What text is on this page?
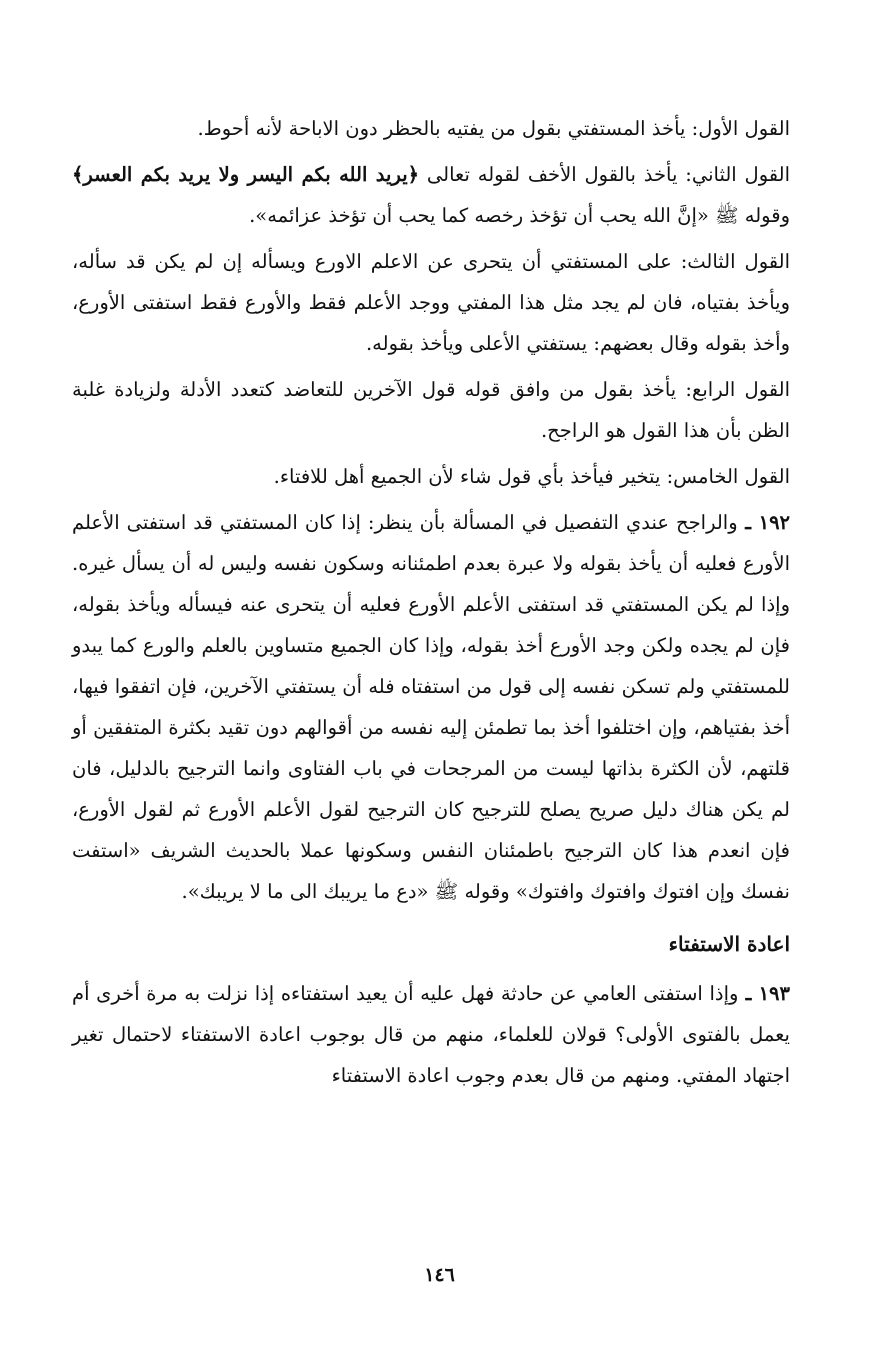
القول الأول: يأخذ المستفتي بقول من يفتيه بالحظر دون الاباحة لأنه أحوط.

القول الثاني: يأخذ بالقول الأخف لقوله تعالى ﴿يريد الله بكم اليسر ولا يريد بكم العسر﴾ وقوله ﷺ «إنَّ الله يحب أن تؤخذ رخصه كما يحب أن تؤخذ عزائمه».

القول الثالث: على المستفتي أن يتحرى عن الاعلم الاورع ويسأله إن لم يكن قد سأله، ويأخذ بفتياه، فان لم يجد مثل هذا المفتي ووجد الأعلم فقط والأورع فقط استفتى الأورع، وأخذ بقوله وقال بعضهم: يستفتي الأعلى ويأخذ بقوله.

القول الرابع: يأخذ بقول من وافق قوله قول الآخرين للتعاضد كتعدد الأدلة ولزيادة غلبة الظن بأن هذا القول هو الراجح.

القول الخامس: يتخير فيأخذ بأي قول شاء لأن الجميع أهل للافتاء.

١٩٢ ـ والراجح عندي التفصيل في المسألة بأن ينظر: إذا كان المستفتي قد استفتى الأعلم الأورع فعليه أن يأخذ بقوله ولا عبرة بعدم اطمئنانه وسكون نفسه وليس له أن يسأل غيره. وإذا لم يكن المستفتي قد استفتى الأعلم الأورع فعليه أن يتحرى عنه فيسأله ويأخذ بقوله، فإن لم يجده ولكن وجد الأورع أخذ بقوله، وإذا كان الجميع متساوين بالعلم والورع كما يبدو للمستفتي ولم تسكن نفسه إلى قول من استفتاه فله أن يستفتي الآخرين، فإن اتفقوا فيها، أخذ بفتياهم، وإن اختلفوا أخذ بما تطمئن إليه نفسه من أقوالهم دون تقيد بكثرة المتفقين أو قلتهم، لأن الكثرة بذاتها ليست من المرجحات في باب الفتاوى وانما الترجيح بالدليل، فان لم يكن هناك دليل صريح يصلح للترجيح كان الترجيح لقول الأعلم الأورع ثم لقول الأورع، فإن انعدم هذا كان الترجيح باطمئنان النفس وسكونها عملا بالحديث الشريف «استفت نفسك وإن افتوك وافتوك وافتوك» وقوله ﷺ «دع ما يريبك الى ما لا يريبك».

اعادة الاستفتاء

١٩٣ ـ وإذا استفتى العامي عن حادثة فهل عليه أن يعيد استفتاءه إذا نزلت به مرة أخرى أم يعمل بالفتوى الأولى؟ قولان للعلماء، منهم من قال بوجوب اعادة الاستفتاء لاحتمال تغير اجتهاد المفتي. ومنهم من قال بعدم وجوب اعادة الاستفتاء

١٤٦
